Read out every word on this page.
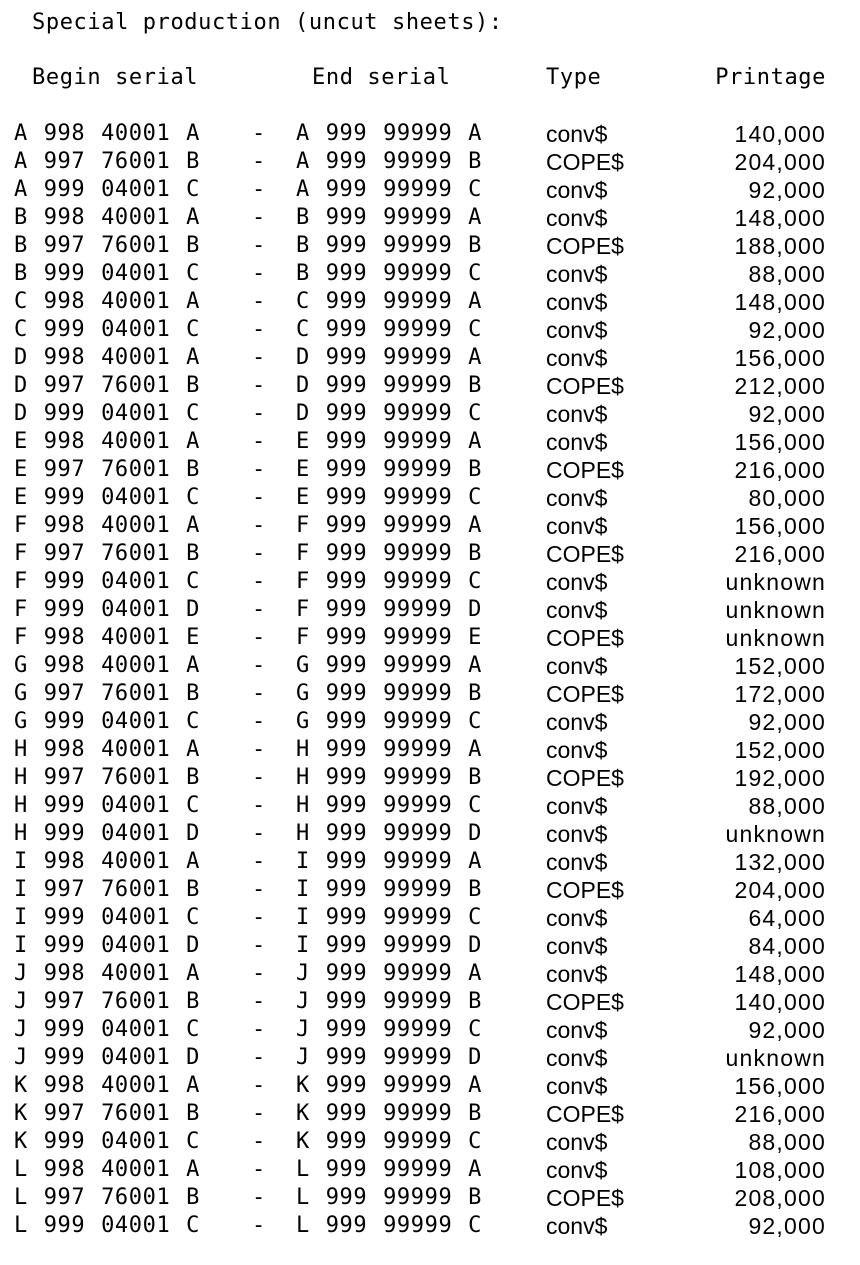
Special production (uncut sheets):
Begin serial	End serial	Type	Printage
A 998 40001 A - A 999 99999 A	conv$	140,000
A 997 76001 B - A 999 99999 B	COPE$	204,000
A 999 04001 C - A 999 99999 C	conv$	92,000
B 998 40001 A - B 999 99999 A	conv$	148,000
B 997 76001 B - B 999 99999 B	COPE$	188,000
B 999 04001 C - B 999 99999 C	conv$	88,000
C 998 40001 A - C 999 99999 A	conv$	148,000
C 999 04001 C - C 999 99999 C	conv$	92,000
D 998 40001 A - D 999 99999 A	conv$	156,000
D 997 76001 B - D 999 99999 B	COPE$	212,000
D 999 04001 C - D 999 99999 C	conv$	92,000
E 998 40001 A - E 999 99999 A	conv$	156,000
E 997 76001 B - E 999 99999 B	COPE$	216,000
E 999 04001 C - E 999 99999 C	conv$	80,000
F 998 40001 A - F 999 99999 A	conv$	156,000
F 997 76001 B - F 999 99999 B	COPE$	216,000
F 999 04001 C - F 999 99999 C	conv$	unknown
F 999 04001 D - F 999 99999 D	conv$	unknown
F 998 40001 E - F 999 99999 E	COPE$	unknown
G 998 40001 A - G 999 99999 A	conv$	152,000
G 997 76001 B - G 999 99999 B	COPE$	172,000
G 999 04001 C - G 999 99999 C	conv$	92,000
H 998 40001 A - H 999 99999 A	conv$	152,000
H 997 76001 B - H 999 99999 B	COPE$	192,000
H 999 04001 C - H 999 99999 C	conv$	88,000
H 999 04001 D - H 999 99999 D	conv$	unknown
I 998 40001 A - I 999 99999 A	conv$	132,000
I 997 76001 B - I 999 99999 B	COPE$	204,000
I 999 04001 C - I 999 99999 C	conv$	64,000
I 999 04001 D - I 999 99999 D	conv$	84,000
J 998 40001 A - J 999 99999 A	conv$	148,000
J 997 76001 B - J 999 99999 B	COPE$	140,000
J 999 04001 C - J 999 99999 C	conv$	92,000
J 999 04001 D - J 999 99999 D	conv$	unknown
K 998 40001 A - K 999 99999 A	conv$	156,000
K 997 76001 B - K 999 99999 B	COPE$	216,000
K 999 04001 C - K 999 99999 C	conv$	88,000
L 998 40001 A - L 999 99999 A	conv$	108,000
L 997 76001 B - L 999 99999 B	COPE$	208,000
L 999 04001 C - L 999 99999 C	conv$	92,000
